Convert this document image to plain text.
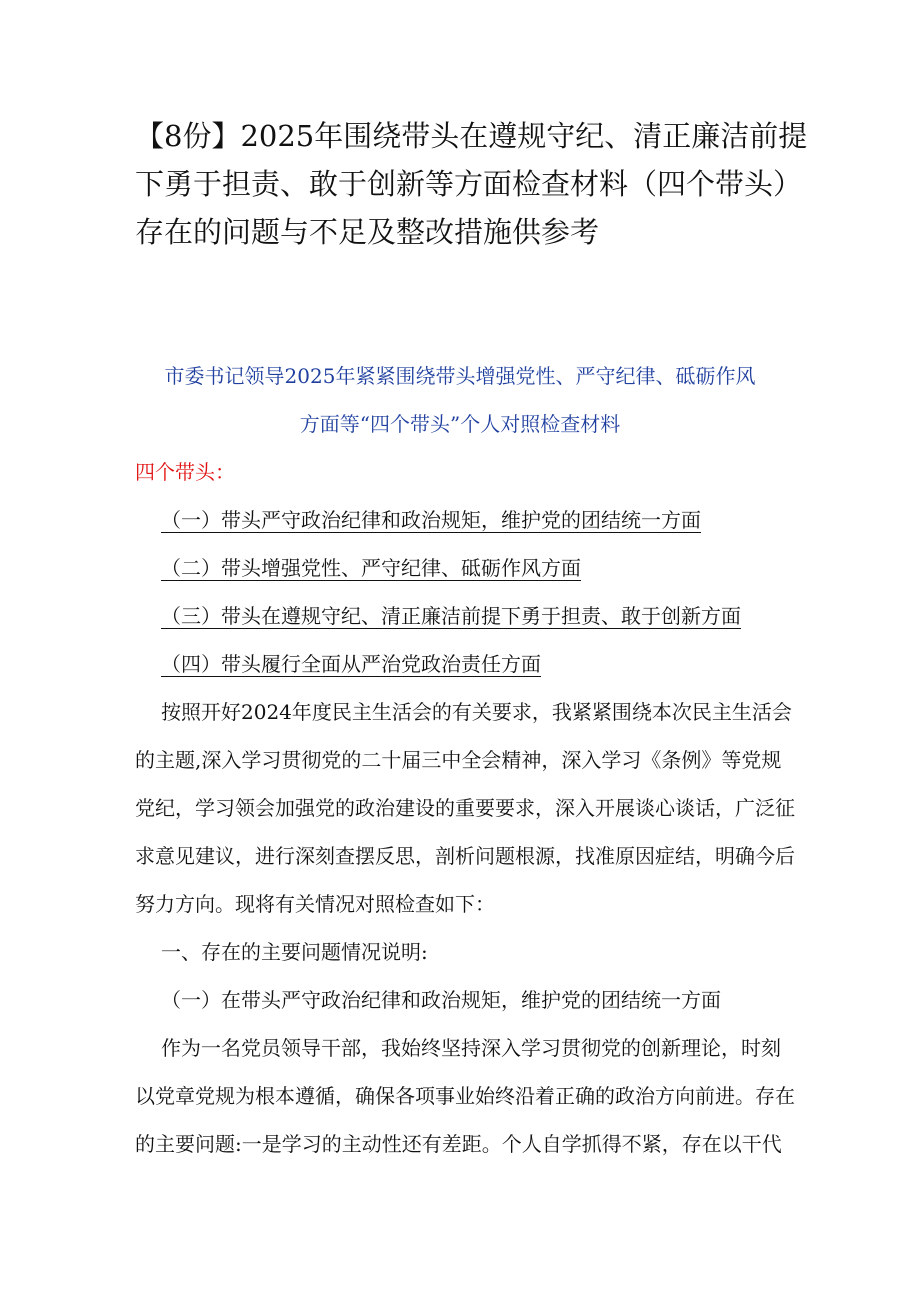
【8份】2025年围绕带头在遵规守纪、清正廉洁前提
下勇于担责、敢于创新等方面检查材料（四个带头）
存在的问题与不足及整改措施供参考
市委书记领导2025年紧紧围绕带头增强党性、严守纪律、砥砺作风
方面等“四个带头”个人对照检查材料
四个带头：
（一）带头严守政治纪律和政治规矩，维护党的团结统一方面
（二）带头增强党性、严守纪律、砥砺作风方面
（三）带头在遵规守纪、清正廉洁前提下勇于担责、敢于创新方面
（四）带头履行全面从严治党政治责任方面
按照开好2024年度民主生活会的有关要求，我紧紧围绕本次民主生活会
的主题,深入学习贯彻党的二十届三中全会精神，深入学习《条例》等党规
党纪，学习领会加强党的政治建设的重要要求，深入开展谈心谈话，广泛征
求意见建议，进行深刻查摆反思，剖析问题根源，找准原因症结，明确今后
努力方向。现将有关情况对照检查如下：
一、存在的主要问题情况说明:
（一）在带头严守政治纪律和政治规矩，维护党的团结统一方面
作为一名党员领导干部，我始终坚持深入学习贯彻党的创新理论，时刻
以党章党规为根本遵循，确保各项事业始终沿着正确的政治方向前进。存在
的主要问题:一是学习的主动性还有差距。个人自学抓得不紧，存在以干代
